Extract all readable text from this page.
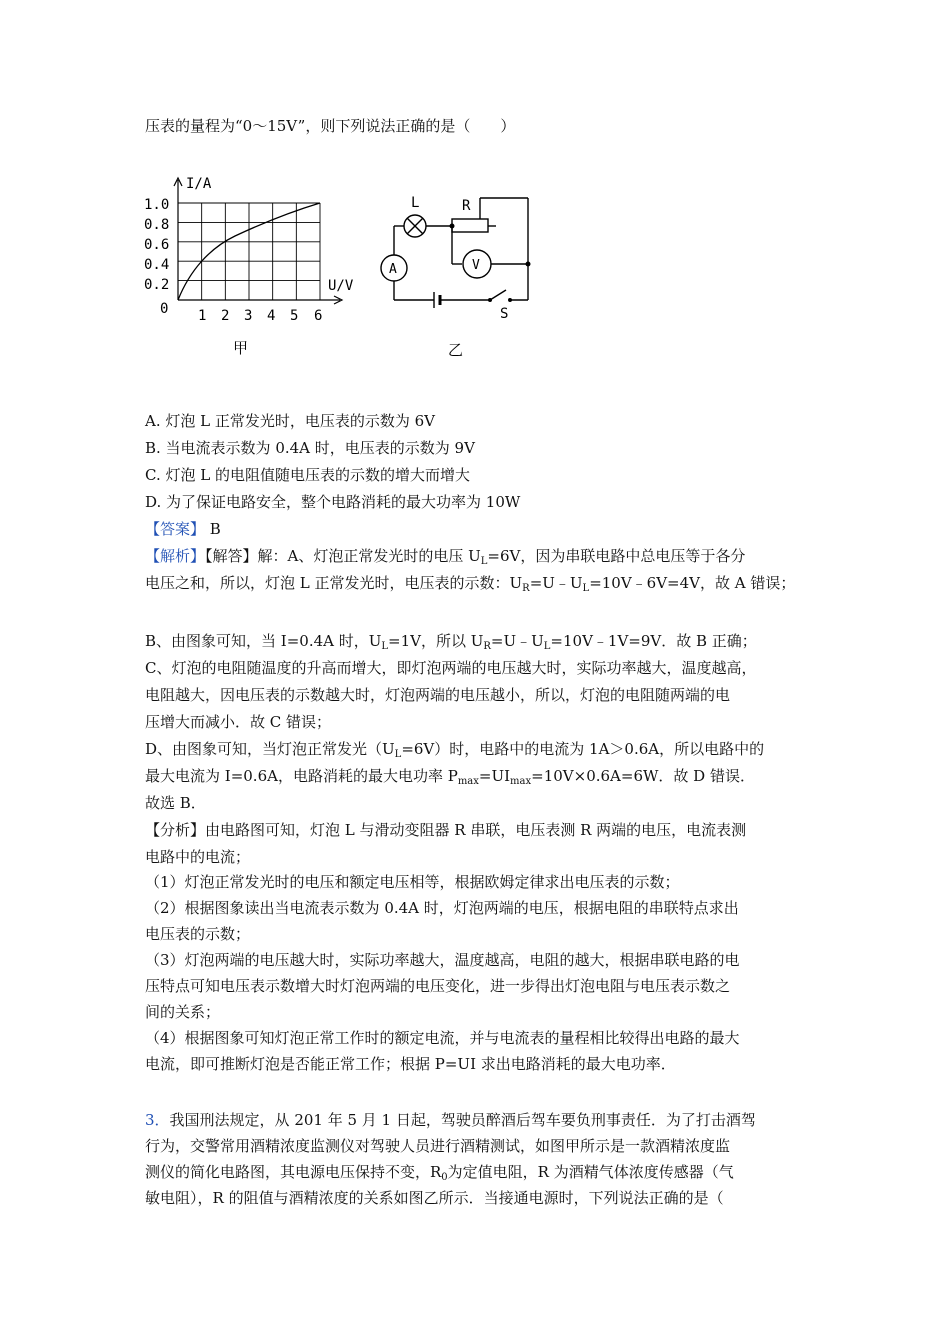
压表的量程为“0～15V”，则下列说法正确的是（　　）
I/A
U/V
0
1.0
0.8
0.6
0.4
0.2
1 2 3 4 5 6
甲
L	R
A	V
S
乙
A. 灯泡 L 正常发光时，电压表的示数为 6V
B. 当电流表示数为 0.4A 时，电压表的示数为 9V
C. 灯泡 L 的电阻值随电压表的示数的增大而增大
D. 为了保证电路安全，整个电路消耗的最大功率为 10W
【答案】 B
【解析】【解答】解：A、灯泡正常发光时的电压 $U_L=6V$，因为串联电路中总电压等于各分
电压之和，所以，灯泡 L 正常发光时，电压表的示数：$U_R=U﹣U_L=10V﹣6V=4V$，故 A 错误；
B、由图象可知，当 I=0.4A 时，$U_L=1V$，所以 $U_R=U﹣U_L=10V﹣1V=9V$．故 B 正确；
C、灯泡的电阻随温度的升高而增大，即灯泡两端的电压越大时，实际功率越大，温度越高，
电阻越大，因电压表的示数越大时，灯泡两端的电压越小，所以，灯泡的电阻随两端的电
压增大而减小．故 C 错误；
D、由图象可知，当灯泡正常发光$(U_L=6V)$时，电路中的电流为 1A＞0.6A，所以电路中的
最大电流为 I=0.6A，电路消耗的最大电功率 $P_{max}=UI_{max}=10V\times 0.6A=6W$．故 D 错误．
故选 B．
【分析】由电路图可知，灯泡 L 与滑动变阻器 R 串联，电压表测 R 两端的电压，电流表测
电路中的电流；
（1）灯泡正常发光时的电压和额定电压相等，根据欧姆定律求出电压表的示数；
（2）根据图象读出当电流表示数为 0.4A 时，灯泡两端的电压，根据电阻的串联特点求出
电压表的示数；
（3）灯泡两端的电压越大时，实际功率越大，温度越高，电阻的越大，根据串联电路的电
压特点可知电压表示数增大时灯泡两端的电压变化，进一步得出灯泡电阻与电压表示数之
间的关系；
（4）根据图象可知灯泡正常工作时的额定电流，并与电流表的量程相比较得出电路的最大
电流，即可推断灯泡是否能正常工作；根据 P=UI 求出电路消耗的最大电功率．
3．我国刑法规定，从 201 年 5 月 1 日起，驾驶员醉酒后驾车要负刑事责任．为了打击酒驾
行为，交警常用酒精浓度监测仪对驾驶人员进行酒精测试，如图甲所示是一款酒精浓度监
测仪的简化电路图，其电源电压保持不变，$R_0$为定值电阻，R 为酒精气体浓度传感器（气
敏电阻），R 的阻值与酒精浓度的关系如图乙所示．当接通电源时，下列说法正确的是（
